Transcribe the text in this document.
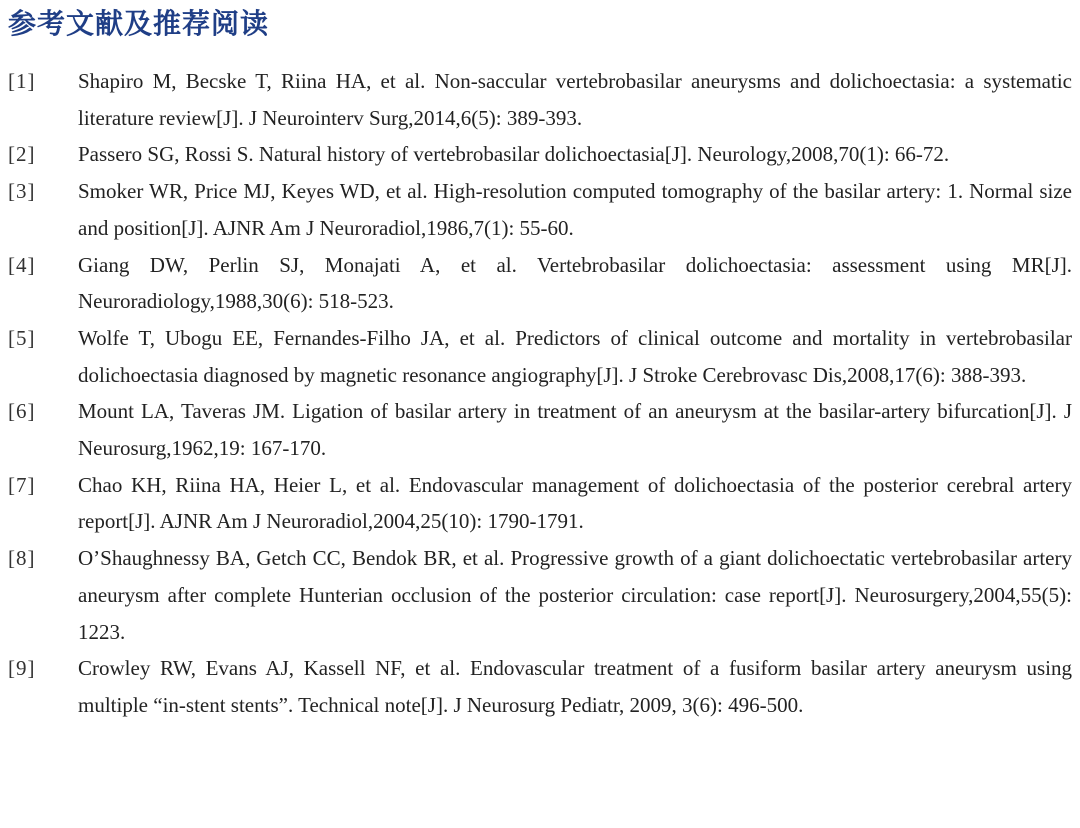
参考文献及推荐阅读
[1]	Shapiro M, Becske T, Riina HA, et al. Non-saccular vertebrobasilar aneurysms and dolichoectasia: a systematic literature review[J]. J Neurointerv Surg,2014,6(5): 389-393.
[2]	Passero SG, Rossi S. Natural history of vertebrobasilar dolichoectasia[J]. Neurology,2008,70(1): 66-72.
[3]	Smoker WR, Price MJ, Keyes WD, et al. High-resolution computed tomography of the basilar artery: 1. Normal size and position[J]. AJNR Am J Neuroradiol,1986,7(1): 55-60.
[4]	Giang DW, Perlin SJ, Monajati A, et al. Vertebrobasilar dolichoectasia: assessment using MR[J]. Neuroradiology,1988,30(6): 518-523.
[5]	Wolfe T, Ubogu EE, Fernandes-Filho JA, et al. Predictors of clinical outcome and mortality in vertebrobasilar dolichoectasia diagnosed by magnetic resonance angiography[J]. J Stroke Cerebrovasc Dis,2008,17(6): 388-393.
[6]	Mount LA, Taveras JM. Ligation of basilar artery in treatment of an aneurysm at the basilar-artery bifurcation[J]. J Neurosurg,1962,19: 167-170.
[7]	Chao KH, Riina HA, Heier L, et al. Endovascular management of dolichoectasia of the posterior cerebral artery report[J]. AJNR Am J Neuroradiol,2004,25(10): 1790-1791.
[8]	O’Shaughnessy BA, Getch CC, Bendok BR, et al. Progressive growth of a giant dolichoectatic vertebrobasilar artery aneurysm after complete Hunterian occlusion of the posterior circulation: case report[J]. Neurosurgery,2004,55(5): 1223.
[9]	Crowley RW, Evans AJ, Kassell NF, et al. Endovascular treatment of a fusiform basilar artery aneurysm using multiple “in-stent stents”. Technical note[J]. J Neurosurg Pediatr, 2009, 3(6): 496-500.
